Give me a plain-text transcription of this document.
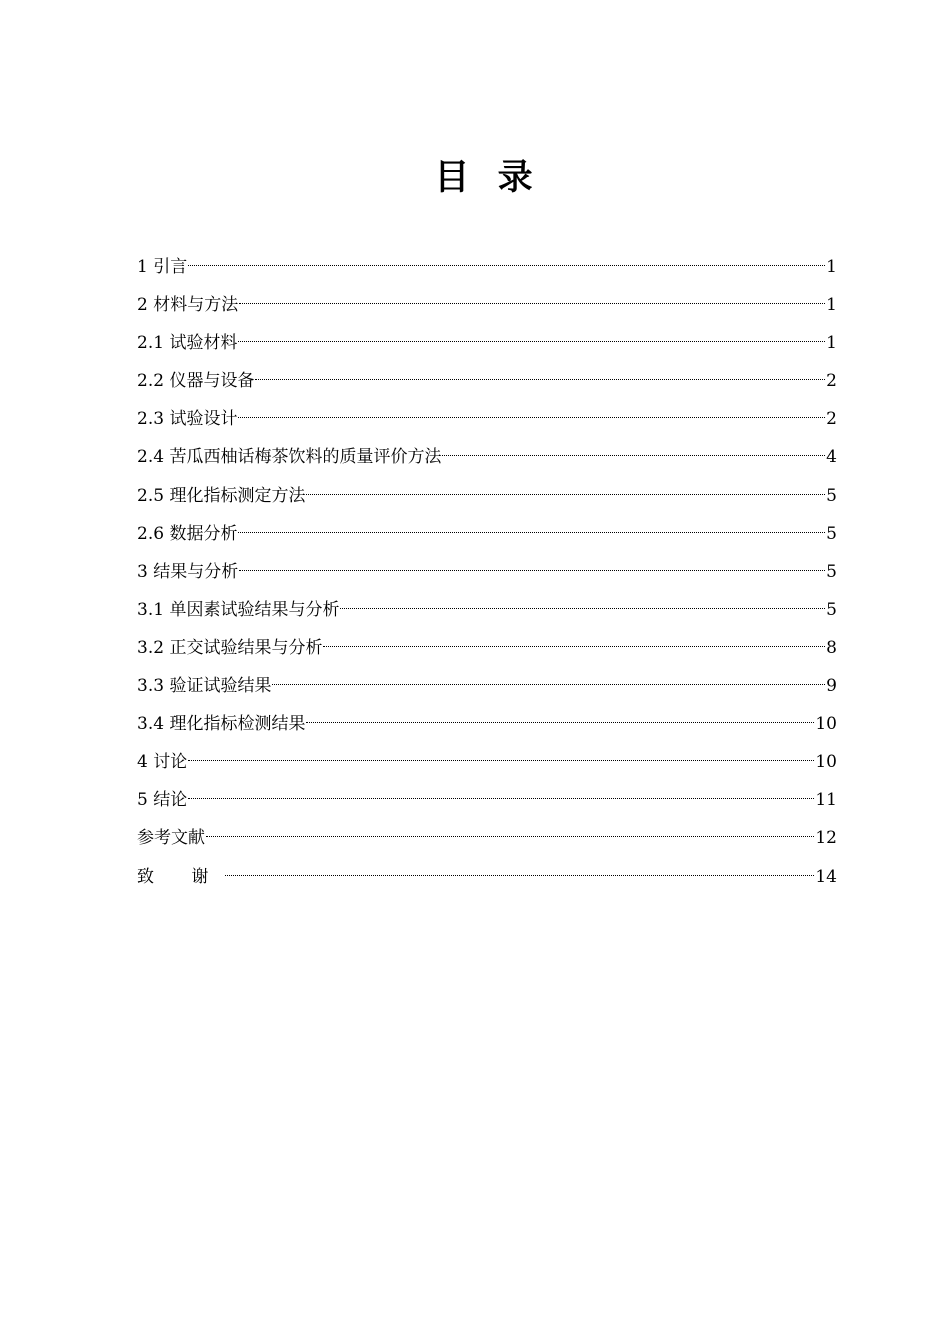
目 录
1 引言	1
2 材料与方法	1
2.1 试验材料	1
2.2 仪器与设备	2
2.3 试验设计	2
2.4 苦瓜西柚话梅茶饮料的质量评价方法	4
2.5 理化指标测定方法	5
2.6 数据分析	5
3 结果与分析	5
3.1 单因素试验结果与分析	5
3.2 正交试验结果与分析	8
3.3 验证试验结果	9
3.4 理化指标检测结果	10
4 讨论	10
5 结论	11
参考文献	12
致 谢	14
